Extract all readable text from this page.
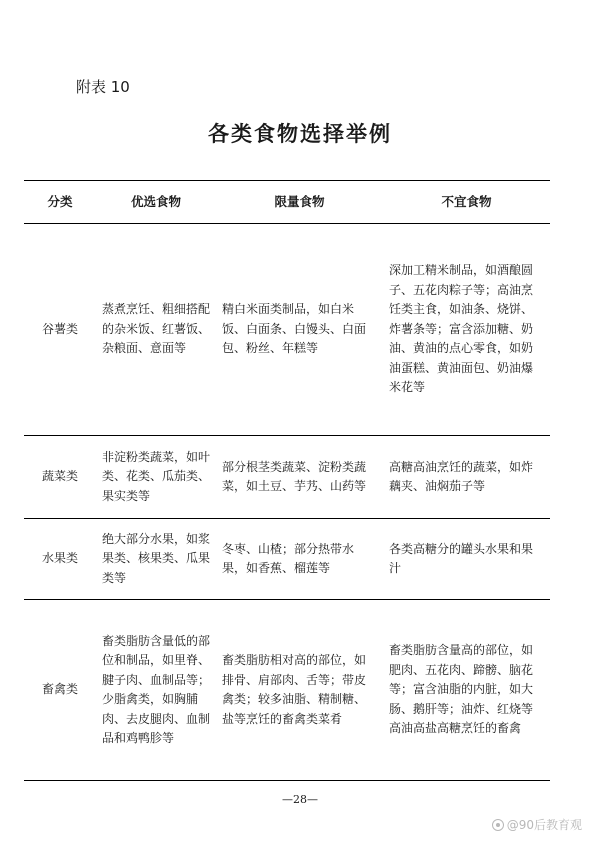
附表 10
各类食物选择举例
分类	优选食物	限量食物	不宜食物
谷薯类	蒸煮烹饪、粗细搭配的杂米饭、红薯饭、杂粮面、意面等	精白米面类制品，如白米饭、白面条、白馒头、白面包、粉丝、年糕等	深加工精米制品，如酒酿圆子、五花肉粽子等；高油烹饪类主食，如油条、烧饼、炸薯条等；富含添加糖、奶油、黄油的点心零食，如奶油蛋糕、黄油面包、奶油爆米花等
蔬菜类	非淀粉类蔬菜，如叶类、花类、瓜茄类、果实类等	部分根茎类蔬菜、淀粉类蔬菜，如土豆、芋艿、山药等	高糖高油烹饪的蔬菜，如炸藕夹、油焖茄子等
水果类	绝大部分水果，如浆果类、核果类、瓜果类等	冬枣、山楂；部分热带水果，如香蕉、榴莲等	各类高糖分的罐头水果和果汁
畜禽类	畜类脂肪含量低的部位和制品，如里脊、腱子肉、血制品等；少脂禽类，如胸脯肉、去皮腿肉、血制品和鸡鸭胗等	畜类脂肪相对高的部位，如排骨、肩部肉、舌等；带皮禽类；较多油脂、精制糖、盐等烹饪的畜禽类菜肴	畜类脂肪含量高的部位，如肥肉、五花肉、蹄髈、脑花等；富含油脂的内脏，如大肠、鹅肝等；油炸、红烧等高油高盐高糖烹饪的畜禽
—28—
@90后教育观
